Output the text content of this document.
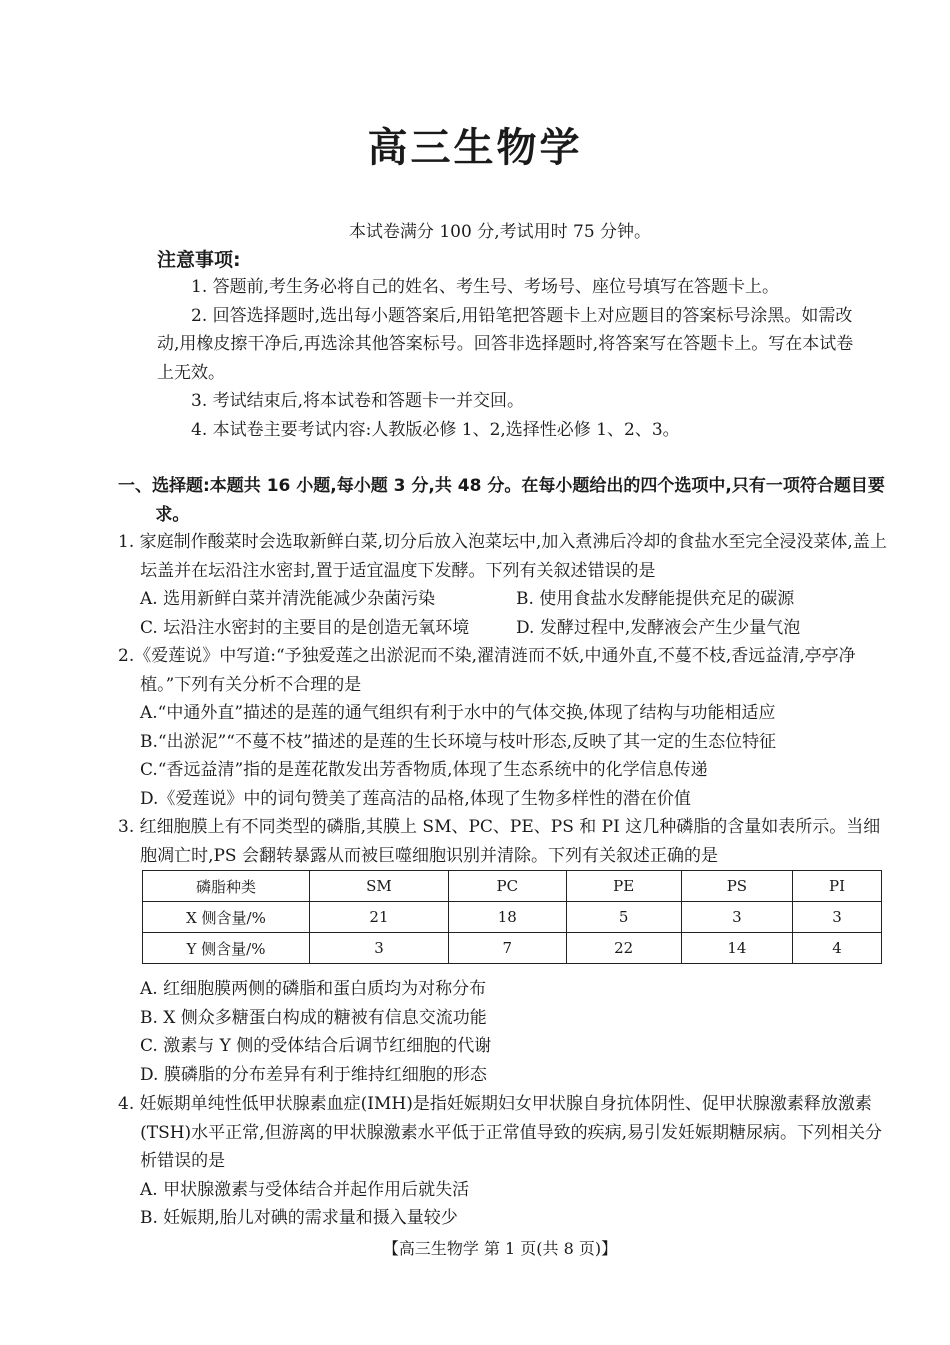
高三生物学

本试卷满分 100 分,考试用时 75 分钟。

注意事项:

1. 答题前,考生务必将自己的姓名、考生号、考场号、座位号填写在答题卡上。

2. 回答选择题时,选出每小题答案后,用铅笔把答题卡上对应题目的答案标号涂黑。如需改动,用橡皮擦干净后,再选涂其他答案标号。回答非选择题时,将答案写在答题卡上。写在本试卷上无效。

3. 考试结束后,将本试卷和答题卡一并交回。

4. 本试卷主要考试内容:人教版必修 1、2,选择性必修 1、2、3。

一、选择题:本题共 16 小题,每小题 3 分,共 48 分。在每小题给出的四个选项中,只有一项符合题目要求。

1. 家庭制作酸菜时会选取新鲜白菜,切分后放入泡菜坛中,加入煮沸后冷却的食盐水至完全浸没菜体,盖上坛盖并在坛沿注水密封,置于适宜温度下发酵。下列有关叙述错误的是

A. 选用新鲜白菜并清洗能减少杂菌污染	B. 使用食盐水发酵能提供充足的碳源
C. 坛沿注水密封的主要目的是创造无氧环境	D. 发酵过程中,发酵液会产生少量气泡

2.《爱莲说》中写道:“予独爱莲之出淤泥而不染,濯清涟而不妖,中通外直,不蔓不枝,香远益清,亭亭净植。”下列有关分析不合理的是

A.“中通外直”描述的是莲的通气组织有利于水中的气体交换,体现了结构与功能相适应

B.“出淤泥”“不蔓不枝”描述的是莲的生长环境与枝叶形态,反映了其一定的生态位特征

C.“香远益清”指的是莲花散发出芳香物质,体现了生态系统中的化学信息传递

D.《爱莲说》中的词句赞美了莲高洁的品格,体现了生物多样性的潜在价值

3. 红细胞膜上有不同类型的磷脂,其膜上 SM、PC、PE、PS 和 PI 这几种磷脂的含量如表所示。当细胞凋亡时,PS 会翻转暴露从而被巨噬细胞识别并清除。下列有关叙述正确的是

磷脂种类	SM	PC	PE	PS	PI
X 侧含量/%	21	18	5	3	3
Y 侧含量/%	3	7	22	14	4

A. 红细胞膜两侧的磷脂和蛋白质均为对称分布

B. X 侧众多糖蛋白构成的糖被有信息交流功能

C. 激素与 Y 侧的受体结合后调节红细胞的代谢

D. 膜磷脂的分布差异有利于维持红细胞的形态

4. 妊娠期单纯性低甲状腺素血症(IMH)是指妊娠期妇女甲状腺自身抗体阴性、促甲状腺激素释放激素(TSH)水平正常,但游离的甲状腺激素水平低于正常值导致的疾病,易引发妊娠期糖尿病。下列相关分析错误的是

A. 甲状腺激素与受体结合并起作用后就失活

B. 妊娠期,胎儿对碘的需求量和摄入量较少

【高三生物学 第 1 页(共 8 页)】
